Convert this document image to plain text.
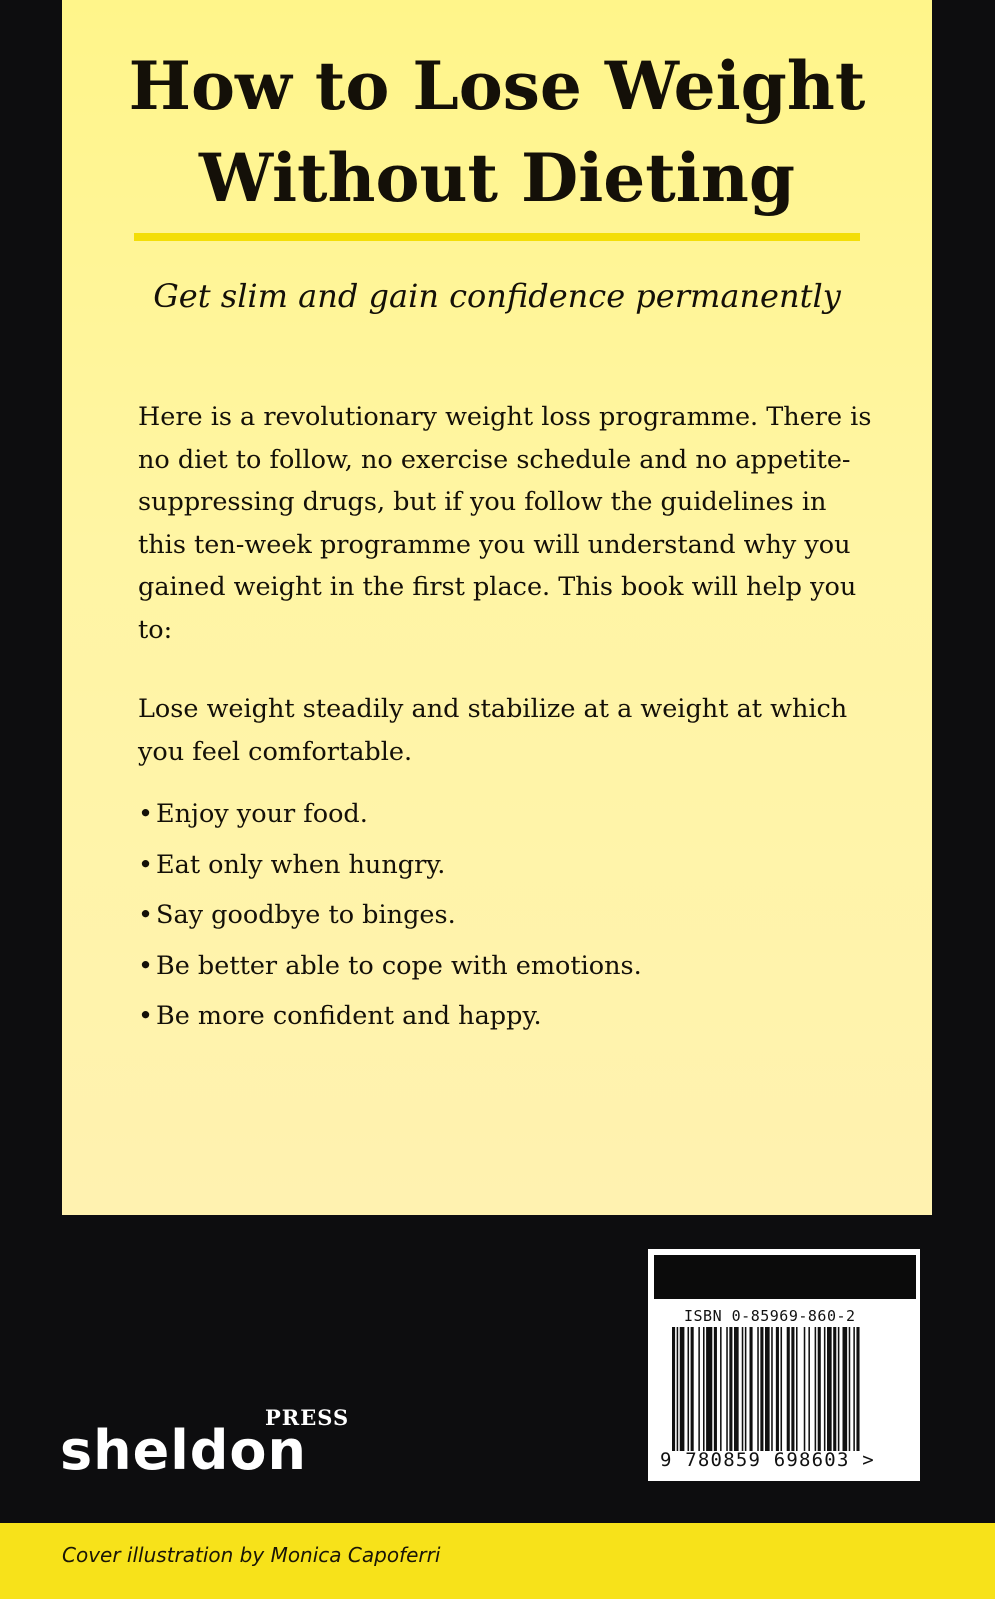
How to Lose Weight
Without Dieting

Get slim and gain confidence permanently

Here is a revolutionary weight loss programme. There is no diet to follow, no exercise schedule and no appetite-suppressing drugs, but if you follow the guidelines in this ten-week programme you will understand why you gained weight in the first place. This book will help you to:

Lose weight steadily and stabilize at a weight at which you feel comfortable.

• Enjoy your food.
• Eat only when hungry.
• Say goodbye to binges.
• Be better able to cope with emotions.
• Be more confident and happy.

PRESS

sheldon

ISBN 0-85969-860-2

9 780859 698603 >

Cover illustration by Monica Capoferri
